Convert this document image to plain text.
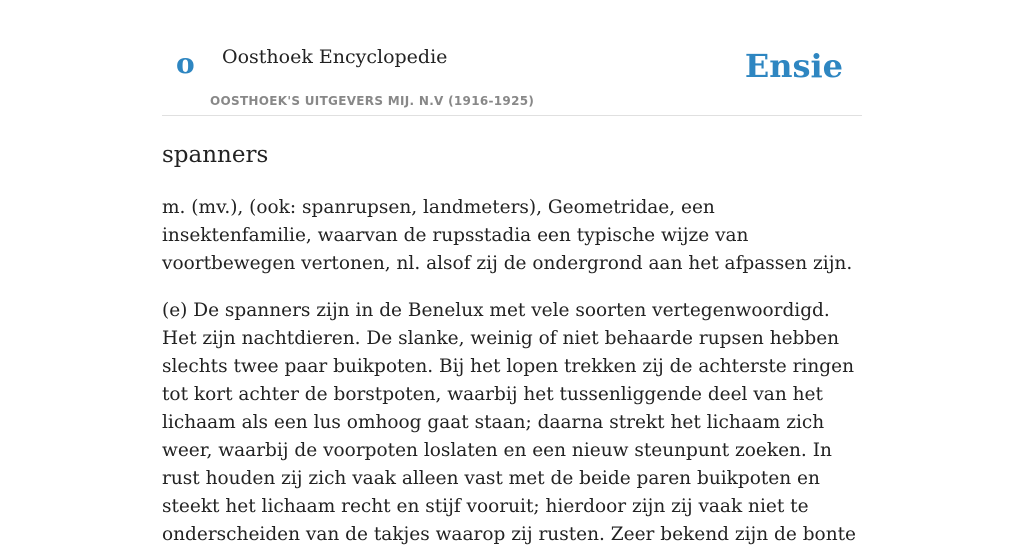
o Oosthoek Encyclopedie
OOSTHOEK'S UITGEVERS MIJ. N.V (1916-1925)
Ensie
spanners

m. (mv.), (ook: spanrupsen, landmeters), Geometridae, een insektenfamilie, waarvan de rupsstadia een typische wijze van voortbewegen vertonen, nl. alsof zij de ondergrond aan het afpassen zijn.

(e) De spanners zijn in de Benelux met vele soorten vertegenwoordigd. Het zijn nachtdieren. De slanke, weinig of niet behaarde rupsen hebben slechts twee paar buikpoten. Bij het lopen trekken zij de achterste ringen tot kort achter de borstpoten, waarbij het tussenliggende deel van het lichaam als een lus omhoog gaat staan; daarna strekt het lichaam zich weer, waarbij de voorpoten loslaten en een nieuw steunpunt zoeken. In rust houden zij zich vaak alleen vast met de beide paren buikpoten en steekt het lichaam recht en stijf vooruit; hierdoor zijn zij vaak niet te onderscheiden van de takjes waarop zij rusten. Zeer bekend zijn de bonte
